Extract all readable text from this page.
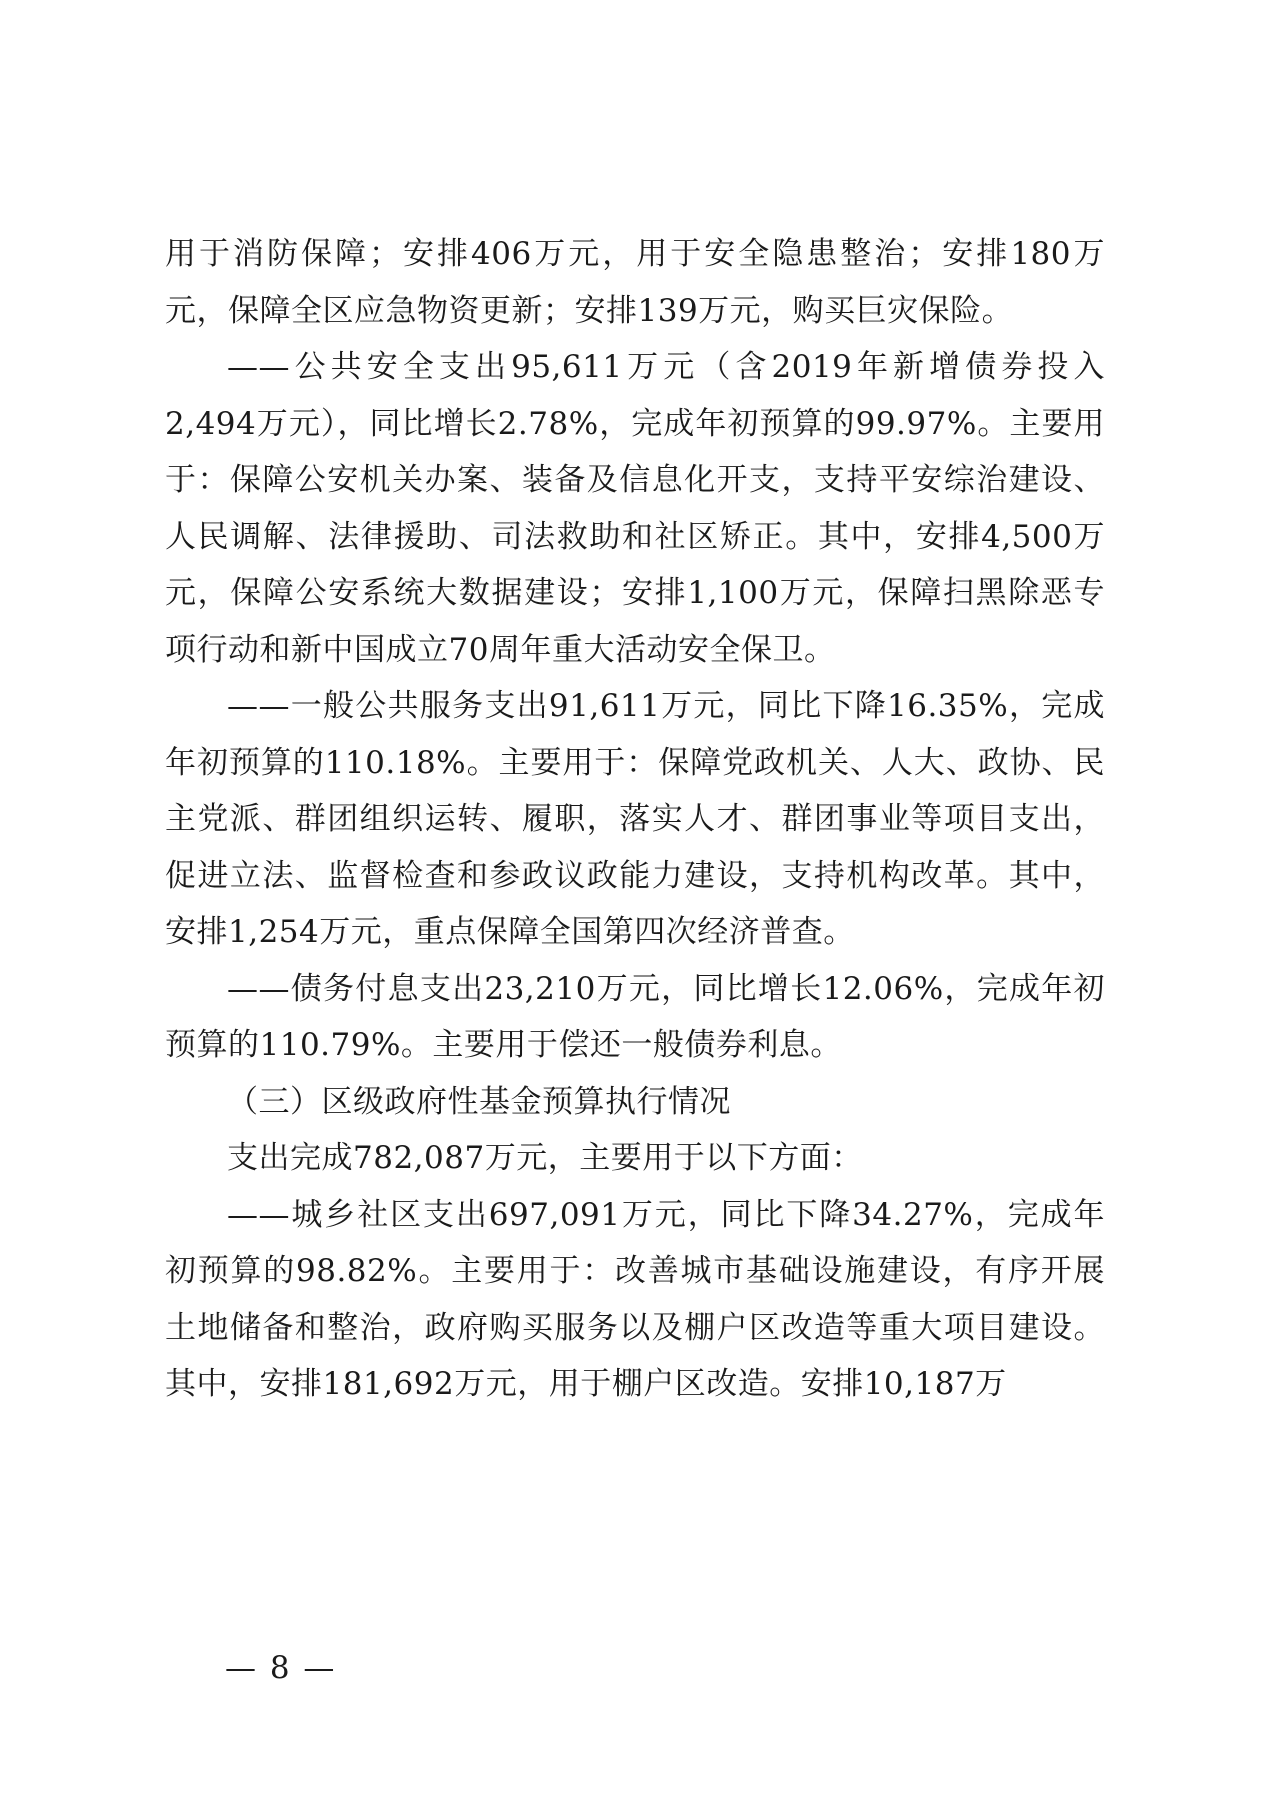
用于消防保障；安排406万元，用于安全隐患整治；安排180万元，保障全区应急物资更新；安排139万元，购买巨灾保险。

——公共安全支出95,611万元（含2019年新增债券投入2,494万元），同比增长2.78%，完成年初预算的99.97%。主要用于：保障公安机关办案、装备及信息化开支，支持平安综治建设、人民调解、法律援助、司法救助和社区矫正。其中，安排4,500万元，保障公安系统大数据建设；安排1,100万元，保障扫黑除恶专项行动和新中国成立70周年重大活动安全保卫。

——一般公共服务支出91,611万元，同比下降16.35%，完成年初预算的110.18%。主要用于：保障党政机关、人大、政协、民主党派、群团组织运转、履职，落实人才、群团事业等项目支出，促进立法、监督检查和参政议政能力建设，支持机构改革。其中，安排1,254万元，重点保障全国第四次经济普查。

——债务付息支出23,210万元，同比增长12.06%，完成年初预算的110.79%。主要用于偿还一般债券利息。

（三）区级政府性基金预算执行情况

支出完成782,087万元，主要用于以下方面：

——城乡社区支出697,091万元，同比下降34.27%，完成年初预算的98.82%。主要用于：改善城市基础设施建设，有序开展土地储备和整治，政府购买服务以及棚户区改造等重大项目建设。其中，安排181,692万元，用于棚户区改造。安排10,187万

— 8 —
